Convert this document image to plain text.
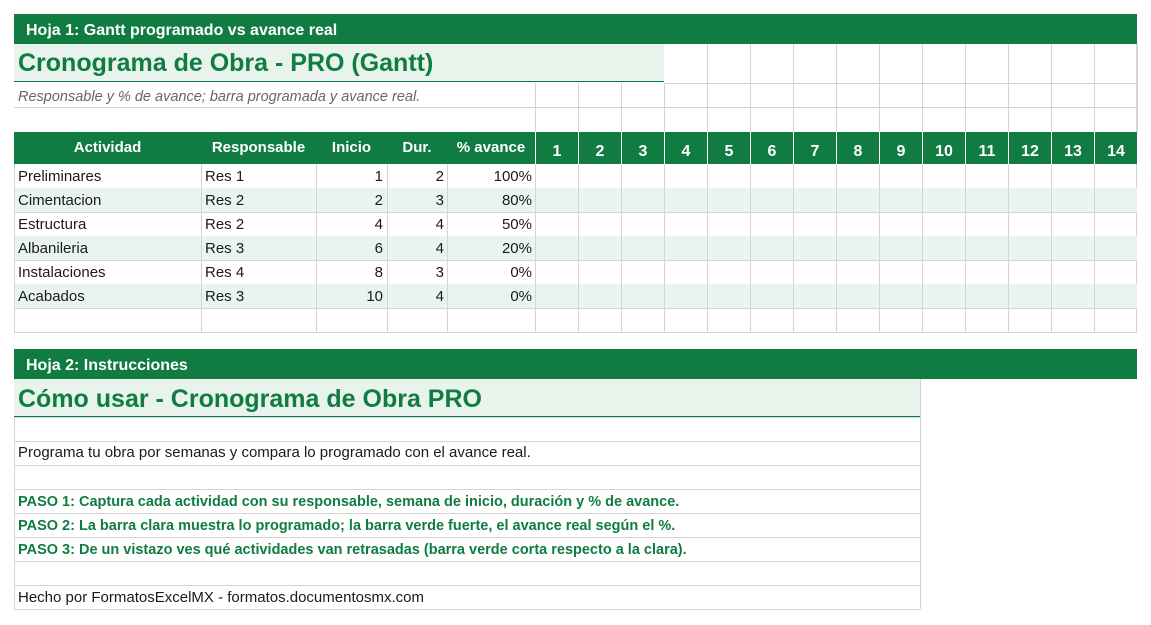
Hoja 1: Gantt programado vs avance real
Cronograma de Obra - PRO (Gantt)
Responsable y % de avance; barra programada y avance real.
Actividad	Responsable	Inicio	Dur.	% avance	1	2	3	4	5	6	7	8	9	10	11	12	13	14
Preliminares	Res 1	1	2	100%
Cimentacion	Res 2	2	3	80%
Estructura	Res 2	4	4	50%
Albanileria	Res 3	6	4	20%
Instalaciones	Res 4	8	3	0%
Acabados	Res 3	10	4	0%
Hoja 2: Instrucciones
Cómo usar - Cronograma de Obra PRO
Programa tu obra por semanas y compara lo programado con el avance real.
PASO 1: Captura cada actividad con su responsable, semana de inicio, duración y % de avance.
PASO 2: La barra clara muestra lo programado; la barra verde fuerte, el avance real según el %.
PASO 3: De un vistazo ves qué actividades van retrasadas (barra verde corta respecto a la clara).
Hecho por FormatosExcelMX - formatos.documentosmx.com
